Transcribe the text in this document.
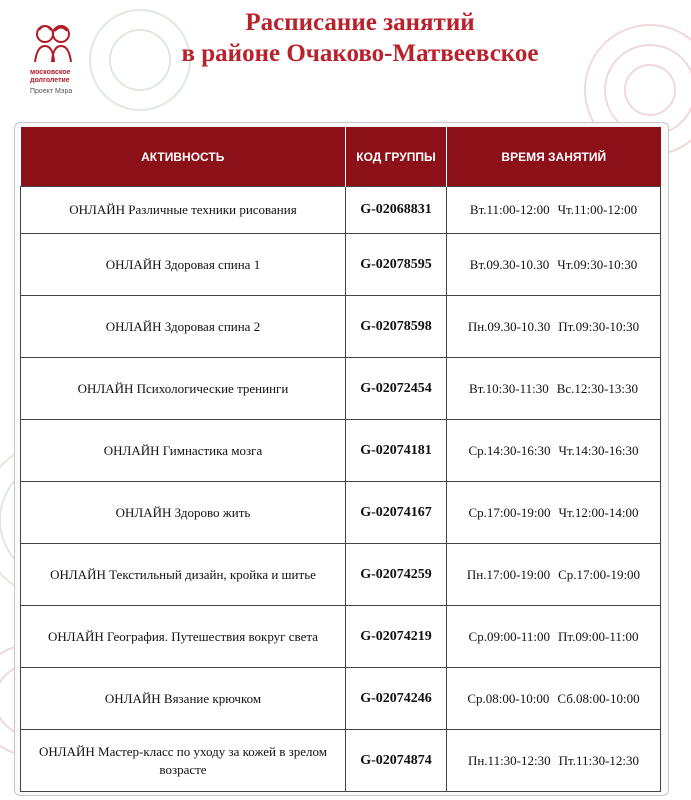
московское
долголетие
Проект Мэра
Расписание занятий
в районе Очаково-Матвеевское
АКТИВНОСТЬ	КОД ГРУППЫ	ВРЕМЯ ЗАНЯТИЙ
ОНЛАЙН Различные техники рисования	G-02068831	Вт.11:00-12:00 Чт.11:00-12:00
ОНЛАЙН Здоровая спина 1	G-02078595	Вт.09.30-10.30 Чт.09:30-10:30
ОНЛАЙН Здоровая спина 2	G-02078598	Пн.09.30-10.30 Пт.09:30-10:30
ОНЛАЙН Психологические тренинги	G-02072454	Вт.10:30-11:30 Вс.12:30-13:30
ОНЛАЙН Гимнастика мозга	G-02074181	Ср.14:30-16:30 Чт.14:30-16:30
ОНЛАЙН Здорово жить	G-02074167	Ср.17:00-19:00 Чт.12:00-14:00
ОНЛАЙН Текстильный дизайн, кройка и шитье	G-02074259	Пн.17:00-19:00 Ср.17:00-19:00
ОНЛАЙН География. Путешествия вокруг света	G-02074219	Ср.09:00-11:00 Пт.09:00-11:00
ОНЛАЙН Вязание крючком	G-02074246	Ср.08:00-10:00 Сб.08:00-10:00
ОНЛАЙН Мастер-класс по уходу за кожей в зрелом возрасте	G-02074874	Пн.11:30-12:30 Пт.11:30-12:30
